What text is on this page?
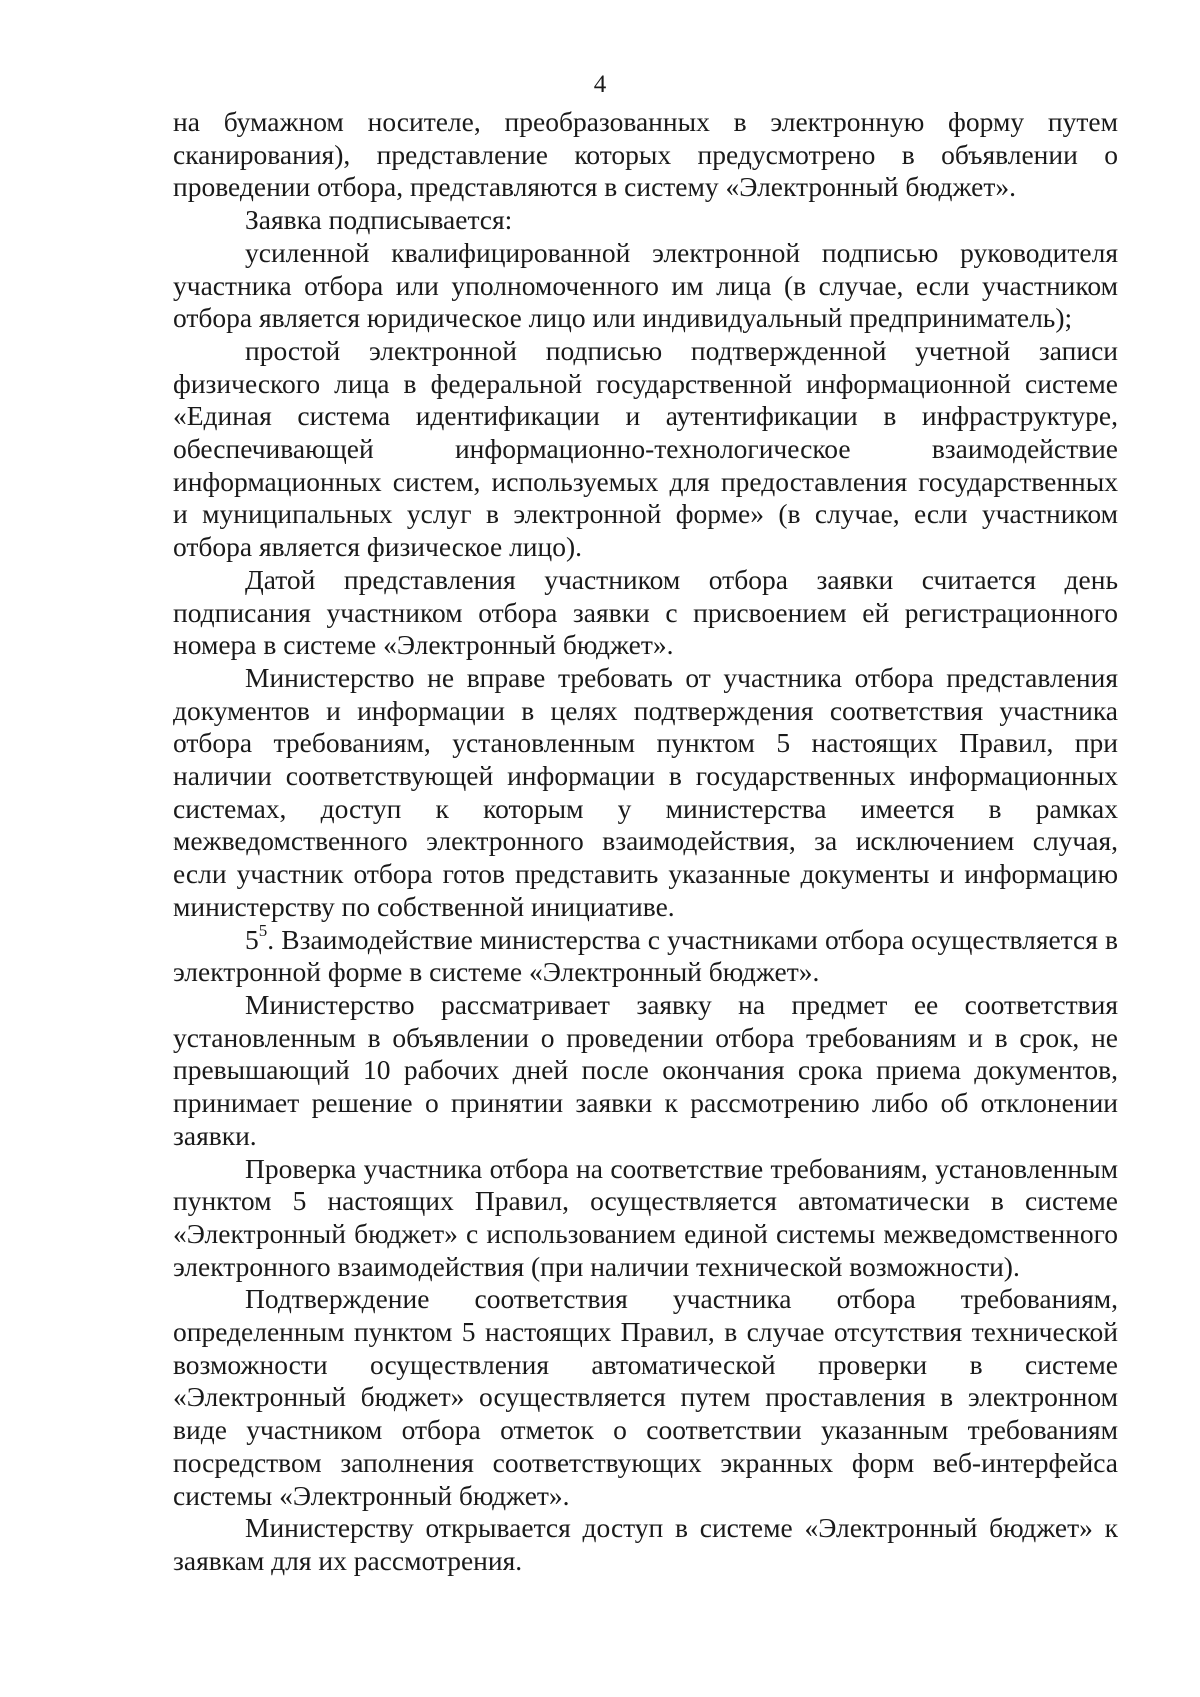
4

на бумажном носителе, преобразованных в электронную форму путем сканирования), представление которых предусмотрено в объявлении о проведении отбора, представляются в систему «Электронный бюджет».

Заявка подписывается:

усиленной квалифицированной электронной подписью руководителя участника отбора или уполномоченного им лица (в случае, если участником отбора является юридическое лицо или индивидуальный предприниматель);

простой электронной подписью подтвержденной учетной записи физического лица в федеральной государственной информационной системе «Единая система идентификации и аутентификации в инфраструктуре, обеспечивающей информационно-технологическое взаимодействие информационных систем, используемых для предоставления государственных и муниципальных услуг в электронной форме» (в случае, если участником отбора является физическое лицо).

Датой представления участником отбора заявки считается день подписания участником отбора заявки с присвоением ей регистрационного номера в системе «Электронный бюджет».

Министерство не вправе требовать от участника отбора представления документов и информации в целях подтверждения соответствия участника отбора требованиям, установленным пунктом 5 настоящих Правил, при наличии соответствующей информации в государственных информационных системах, доступ к которым у министерства имеется в рамках межведомственного электронного взаимодействия, за исключением случая, если участник отбора готов представить указанные документы и информацию министерству по собственной инициативе.

$5^5$. Взаимодействие министерства с участниками отбора осуществляется в электронной форме в системе «Электронный бюджет».

Министерство рассматривает заявку на предмет ее соответствия установленным в объявлении о проведении отбора требованиям и в срок, не превышающий 10 рабочих дней после окончания срока приема документов, принимает решение о принятии заявки к рассмотрению либо об отклонении заявки.

Проверка участника отбора на соответствие требованиям, установленным пунктом 5 настоящих Правил, осуществляется автоматически в системе «Электронный бюджет» с использованием единой системы межведомственного электронного взаимодействия (при наличии технической возможности).

Подтверждение соответствия участника отбора требованиям, определенным пунктом 5 настоящих Правил, в случае отсутствия технической возможности осуществления автоматической проверки в системе «Электронный бюджет» осуществляется путем проставления в электронном виде участником отбора отметок о соответствии указанным требованиям посредством заполнения соответствующих экранных форм веб-интерфейса системы «Электронный бюджет».

Министерству открывается доступ в системе «Электронный бюджет» к заявкам для их рассмотрения.
